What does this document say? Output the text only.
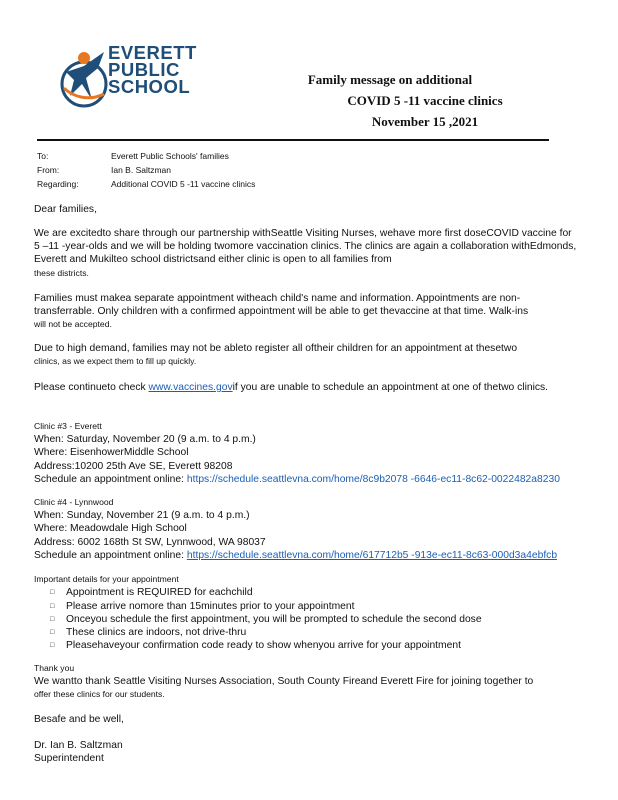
EVERETT
PUBLIC
SCHOOL	Family message on additional
COVID 5 -11 vaccine clinics
November 15 ,2021
To:	Everett Public Schools' families
From:	Ian B. Saltzman
Regarding:	Additional COVID 5 -11 vaccine clinics
Dear families,
We are excitedto share through our partnership withSeattle Visiting Nurses, wehave more first doseCOVID vaccine for 5 –11 -year-olds and we will be holding twomore vaccination clinics. The clinics are again a collaboration withEdmonds, Everett and Mukilteo school districtsand either clinic is open to all families from
these districts.
Families must makea separate appointment witheach child's name and information. Appointments are non-transferrable. Only children with a confirmed appointment will be able to get thevaccine at that time. Walk-ins
will not be accepted.
Due to high demand, families may not be ableto register all oftheir children for an appointment at thesetwo
clinics, as we expect them to fill up quickly.
Please continueto check www.vaccines.govif you are unable to schedule an appointment at one of thetwo clinics.
Clinic #3 - Everett
When: Saturday, November 20 (9 a.m. to 4 p.m.)
Where: EisenhowerMiddle School
Address:10200 25th Ave SE, Everett 98208
Schedule an appointment online: https://schedule.seattlevna.com/home/8c9b2078 -6646-ec11-8c62-0022482a8230
Clinic #4 - Lynnwood
When: Sunday, November 21 (9 a.m. to 4 p.m.)
Where: Meadowdale High School
Address: 6002 168th St SW, Lynnwood, WA 98037
Schedule an appointment online: https://schedule.seattlevna.com/home/617712b5 -913e-ec11-8c63-000d3a4ebfcb
Important details for your appointment
□ Appointment is REQUIRED for eachchild
□ Please arrive nomore than 15minutes prior to your appointment
□ Onceyou schedule the first appointment, you will be prompted to schedule the second dose
□ These clinics are indoors, not drive-thru
□ Pleasehaveyour confirmation code ready to show whenyou arrive for your appointment
Thank you
We wantto thank Seattle Visiting Nurses Association, South County Fireand Everett Fire for joining together to
offer these clinics for our students.
Besafe and be well,
Dr. Ian B. Saltzman
Superintendent
